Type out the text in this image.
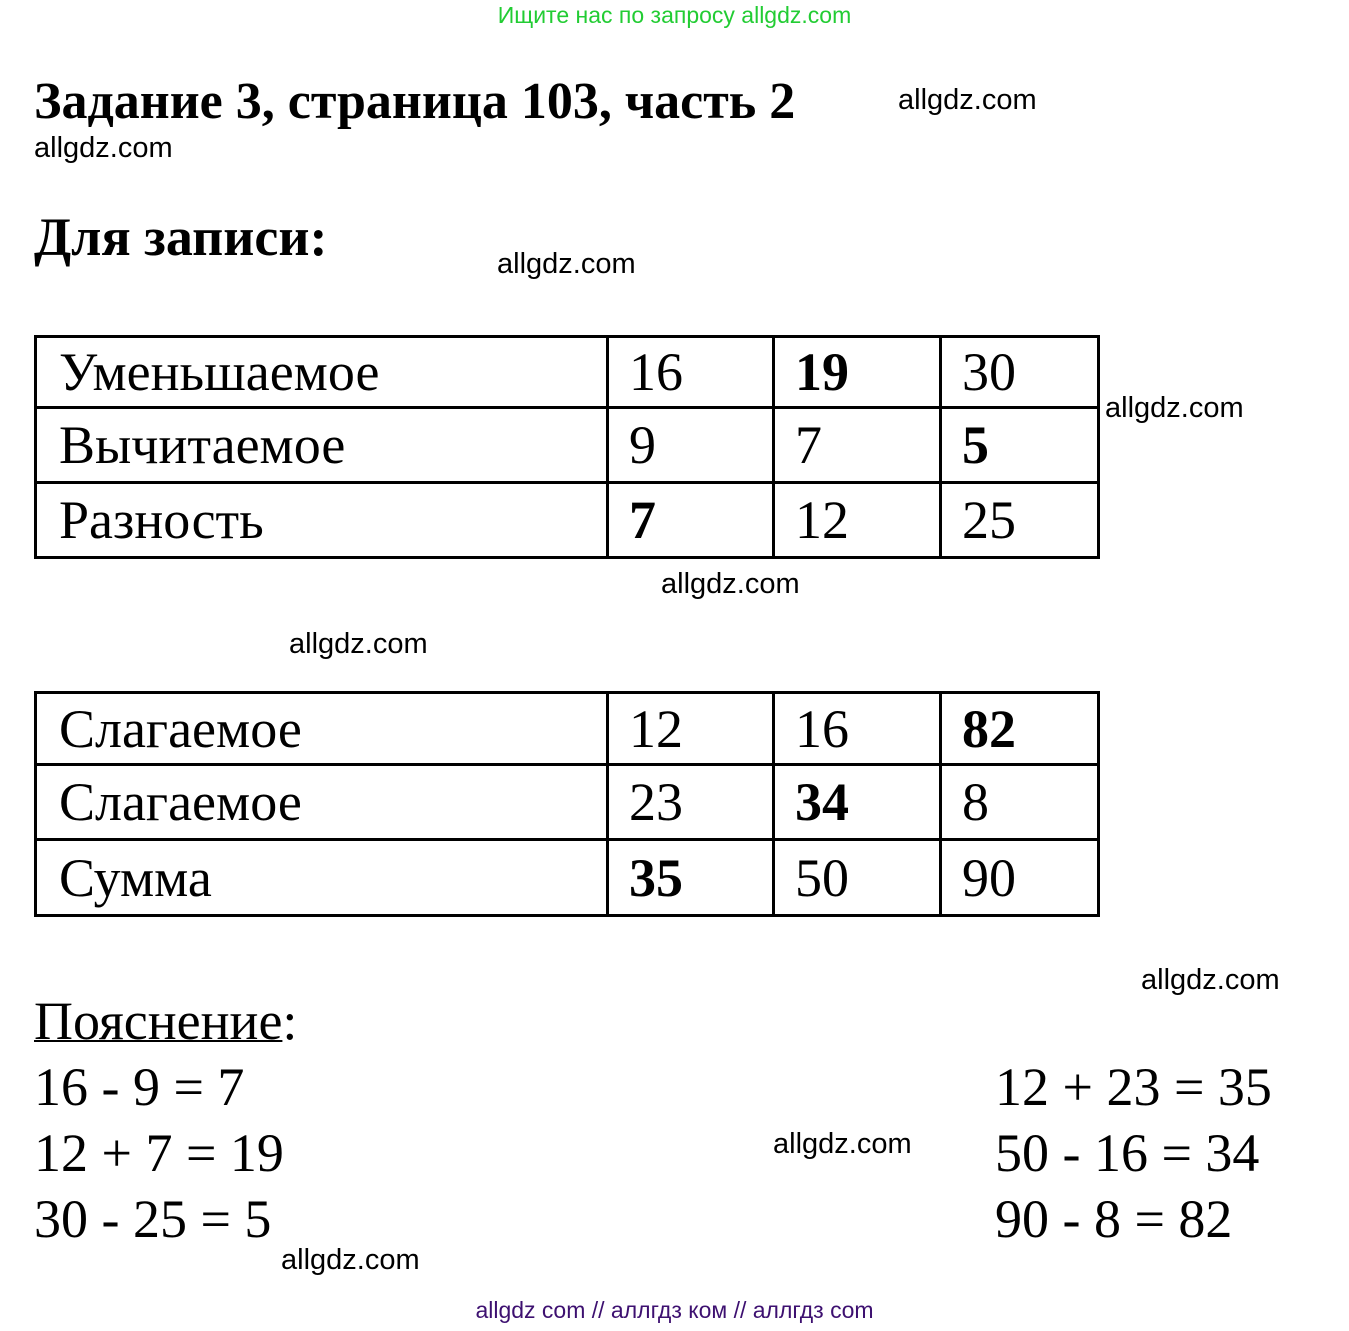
Ищите нас по запросу allgdz.com
Задание 3, страница 103, часть 2	allgdz.com
allgdz.com
Для записи:	allgdz.com
Уменьшаемое	16	19	30
Вычитаемое	9	7	5
Разность	7	12	25
allgdz.com
allgdz.com
allgdz.com
Слагаемое	12	16	82
Слагаемое	23	34	8
Сумма	35	50	90
allgdz.com
Пояснение:
16 - 9 = 7
12 + 7 = 19
30 - 25 = 5
12 + 23 = 35
50 - 16 = 34
90 - 8 = 82
allgdz.com
allgdz.com
allgdz com // аллгдз ком // аллгдз com
